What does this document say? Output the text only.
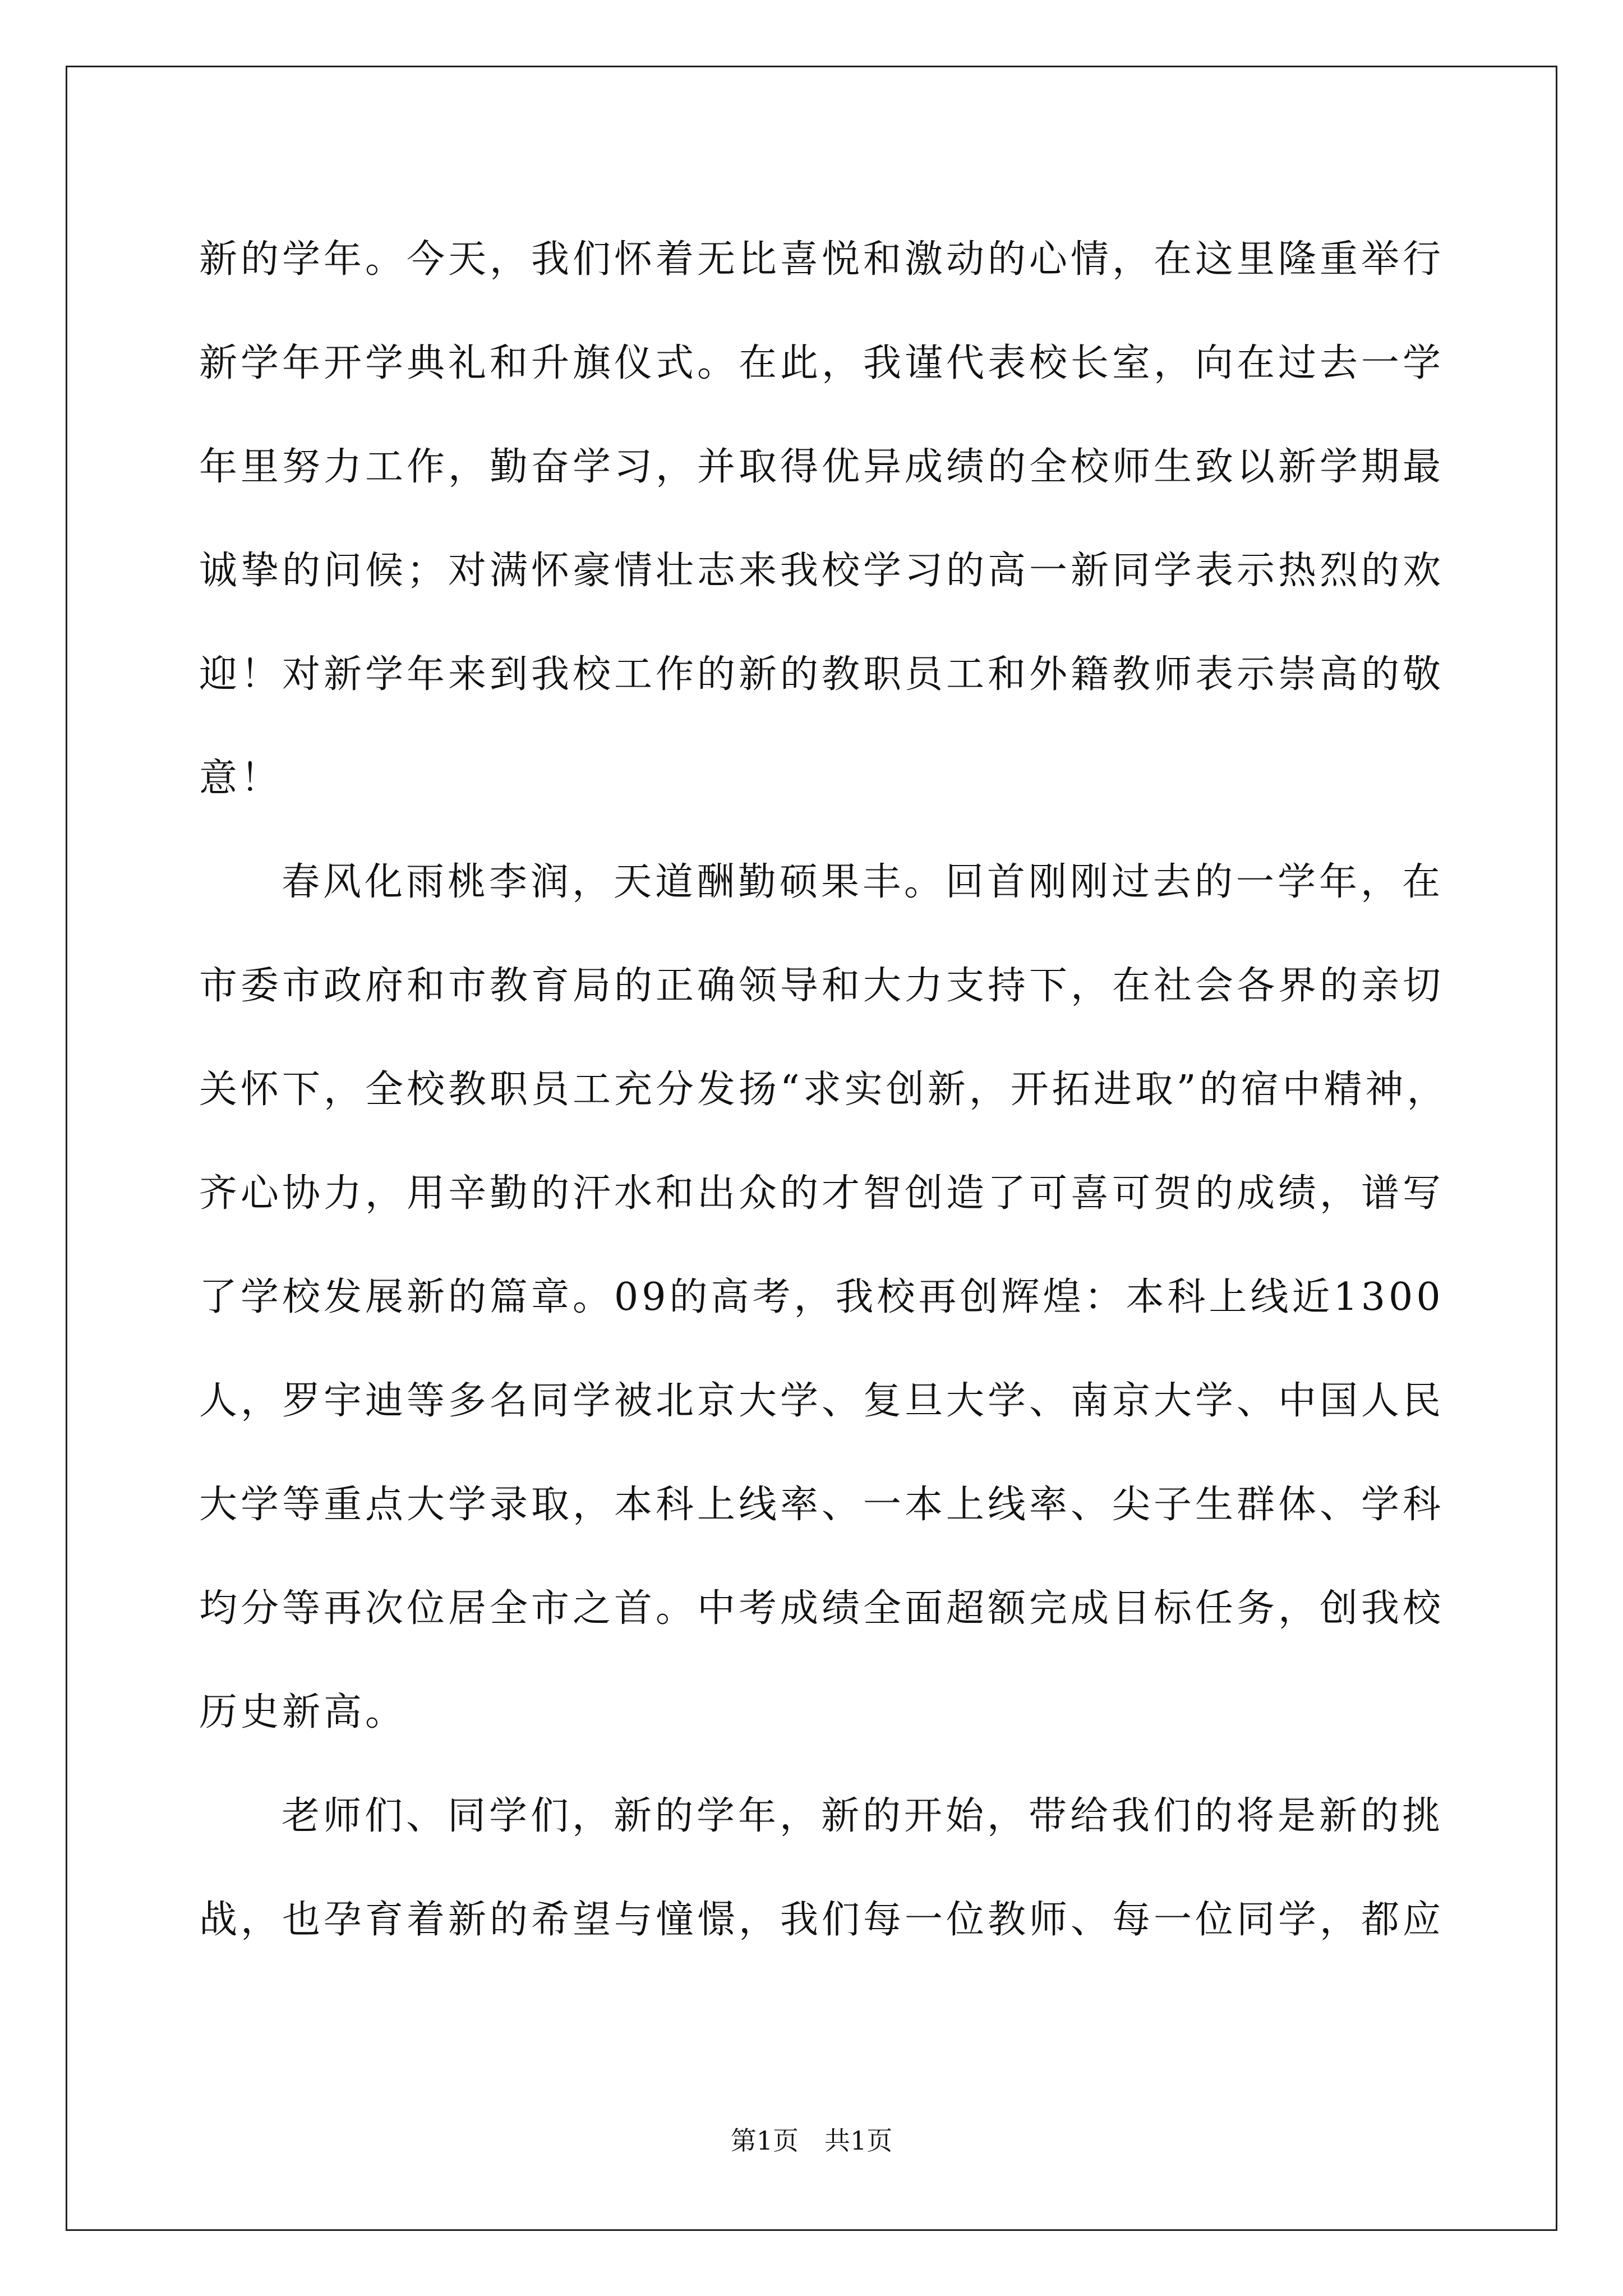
新的学年。今天，我们怀着无比喜悦和激动的心情，在这里隆重举行
新学年开学典礼和升旗仪式。在此，我谨代表校长室，向在过去一学
年里努力工作，勤奋学习，并取得优异成绩的全校师生致以新学期最
诚挚的问候；对满怀豪情壮志来我校学习的高一新同学表示热烈的欢
迎！对新学年来到我校工作的新的教职员工和外籍教师表示崇高的敬
意！
春风化雨桃李润，天道酬勤硕果丰。回首刚刚过去的一学年，在
市委市政府和市教育局的正确领导和大力支持下，在社会各界的亲切
关怀下，全校教职员工充分发扬“求实创新，开拓进取”的宿中精神，
齐心协力，用辛勤的汗水和出众的才智创造了可喜可贺的成绩，谱写
了学校发展新的篇章。09的高考，我校再创辉煌：本科上线近1300
人，罗宇迪等多名同学被北京大学、复旦大学、南京大学、中国人民
大学等重点大学录取，本科上线率、一本上线率、尖子生群体、学科
均分等再次位居全市之首。中考成绩全面超额完成目标任务，创我校
历史新高。
老师们、同学们，新的学年，新的开始，带给我们的将是新的挑
战，也孕育着新的希望与憧憬，我们每一位教师、每一位同学，都应
第1页　共1页
